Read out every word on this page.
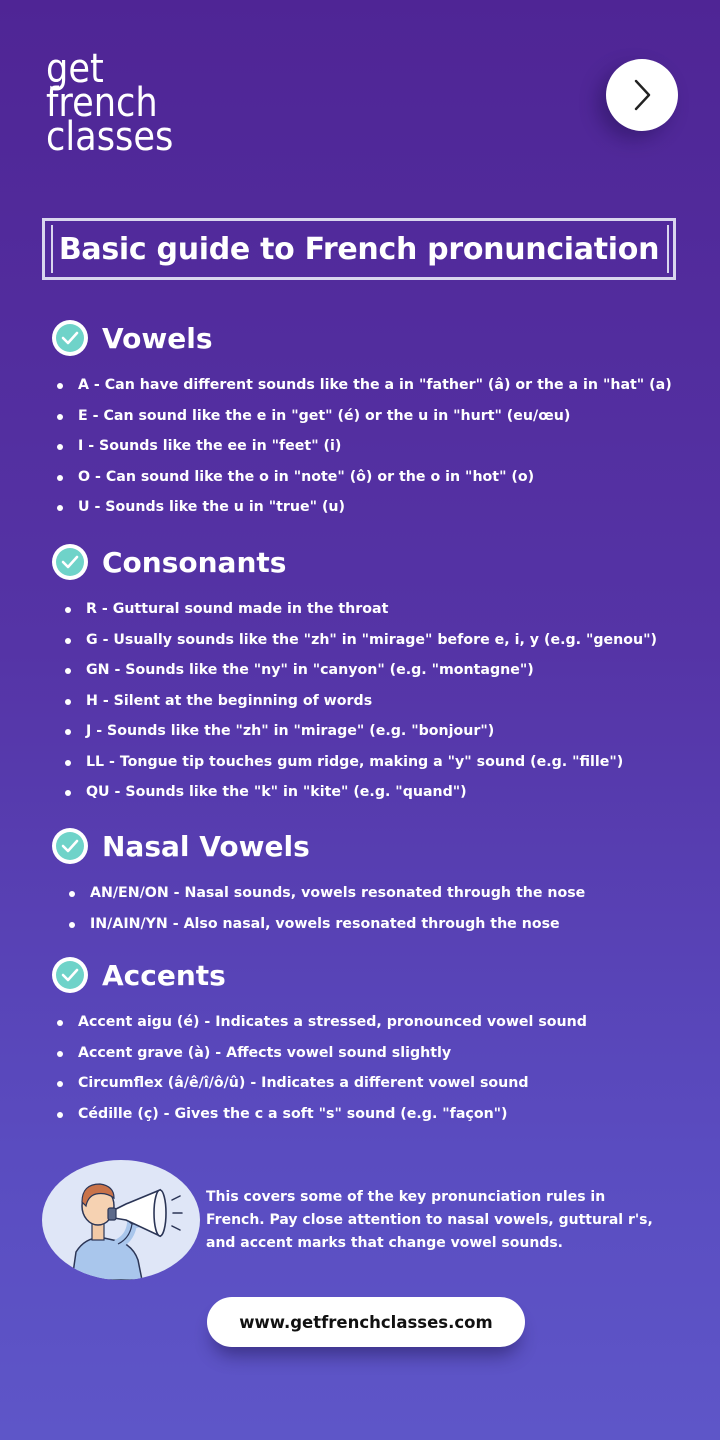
get
french
classes
Basic guide to French pronunciation
Vowels
A - Can have different sounds like the a in "father" (â) or the a in "hat" (a)
E - Can sound like the e in "get" (é) or the u in "hurt" (eu/œu)
I - Sounds like the ee in "feet" (i)
O - Can sound like the o in "note" (ô) or the o in "hot" (o)
U - Sounds like the u in "true" (u)
Consonants
R - Guttural sound made in the throat
G - Usually sounds like the "zh" in "mirage" before e, i, y (e.g. "genou")
GN - Sounds like the "ny" in "canyon" (e.g. "montagne")
H - Silent at the beginning of words
J - Sounds like the "zh" in "mirage" (e.g. "bonjour")
LL - Tongue tip touches gum ridge, making a "y" sound (e.g. "fille")
QU - Sounds like the "k" in "kite" (e.g. "quand")
Nasal Vowels
AN/EN/ON - Nasal sounds, vowels resonated through the nose
IN/AIN/YN - Also nasal, vowels resonated through the nose
Accents
Accent aigu (é) - Indicates a stressed, pronounced vowel sound
Accent grave (à) - Affects vowel sound slightly
Circumflex (â/ê/î/ô/û) - Indicates a different vowel sound
Cédille (ç) - Gives the c a soft "s" sound (e.g. "façon")
This covers some of the key pronunciation rules in
French. Pay close attention to nasal vowels, guttural r's,
and accent marks that change vowel sounds.
www.getfrenchclasses.com
